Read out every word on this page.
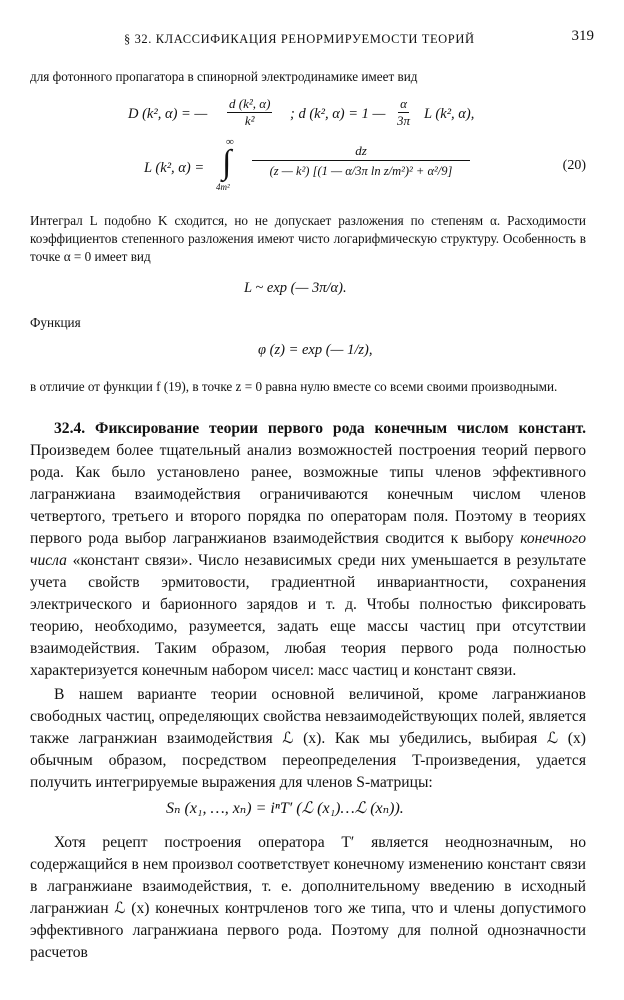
§ 32. КЛАССИФИКАЦИЯ РЕНОРМИРУЕМОСТИ ТЕОРИЙ	319
для фотонного пропагатора в спинорной электродинамике имеет вид
D (k², α) = — $\frac{\text{d (k², α)}}{\text{k²}}$ ; d (k², α) = 1 — $\frac{\alpha}{3\pi}$ L (k², α),
L (k², α) =
∞
∫
4m²
dz
(z — k²) [(1 — α/3π ln z/m²)² + α²/9]	(20)
Интеграл L подобно K сходится, но не допускает разложения по степеням α. Расходимости коэффициентов степенного разложения имеют чисто логарифмическую структуру. Особенность в точке α = 0 имеет вид
L ~ exp (— 3π/α).
Функция
φ (z) = exp (— 1/z),
в отличие от функции f (19), в точке z = 0 равна нулю вместе со всеми своими производными.
32.4. Фиксирование теории первого рода конечным числом констант. Произведем более тщательный анализ возможностей построения теорий первого рода. Как было установлено ранее, возможные типы членов эффективного лагранжиана взаимодействия ограничиваются конечным числом членов четвертого, третьего и второго порядка по операторам поля. Поэтому в теориях первого рода выбор лагранжианов взаимодействия сводится к выбору конечного числа «констант связи». Число независимых среди них уменьшается в результате учета свойств эрмитовости, градиентной инвариантности, сохранения электрического и барионного зарядов и т. д. Чтобы полностью фиксировать теорию, необходимо, разумеется, задать еще массы частиц при отсутствии взаимодействия. Таким образом, любая теория первого рода полностью характеризуется конечным набором чисел: масс частиц и констант связи.
В нашем варианте теории основной величиной, кроме лагранжианов свободных частиц, определяющих свойства невзаимодействующих полей, является также лагранжиан взаимодействия ℒ (x). Как мы убедились, выбирая ℒ (x) обычным образом, посредством переопределения T-произведения, удается получить интегрируемые выражения для членов S-матрицы:
Sₙ (x₁, …, xₙ) = iⁿT′ (ℒ (x₁)…ℒ (xₙ)).
Хотя рецепт построения оператора T′ является неоднозначным, но содержащийся в нем произвол соответствует конечному изменению констант связи в лагранжиане взаимодействия, т. е. дополнительному введению в исходный лагранжиан ℒ (x) конечных контрчленов того же типа, что и члены допустимого эффективного лагранжиана первого рода. Поэтому для полной однозначности расчетов
